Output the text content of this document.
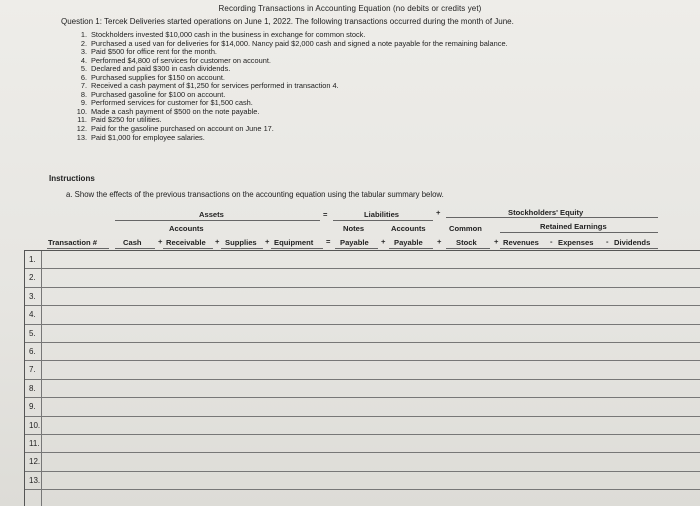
Recording Transactions in Accounting Equation (no debits or credits yet)
Question 1: Tercek Deliveries started operations on June 1, 2022. The following transactions occurred during the month of June.
1. Stockholders invested $10,000 cash in the business in exchange for common stock.
2. Purchased a used van for deliveries for $14,000. Nancy paid $2,000 cash and signed a note payable for the remaining balance.
3. Paid $500 for office rent for the month.
4. Performed $4,800 of services for customer on account.
5. Declared and paid $300 in cash dividends.
6. Purchased supplies for $150 on account.
7. Received a cash payment of $1,250 for services performed in transaction 4.
8. Purchased gasoline for $100 on account.
9. Performed services for customer for $1,500 cash.
10. Made a cash payment of $500 on the note payable.
11. Paid $250 for utilities.
12. Paid for the gasoline purchased on account on June 17.
13. Paid $1,000 for employee salaries.
Instructions
a. Show the effects of the previous transactions on the accounting equation using the tabular summary below.
Assets	=	Liabilities	+	Stockholders' Equity
Accounts	Notes	Accounts	Common	Retained Earnings
Transaction #	Cash + Receivable + Supplies + Equipment = Payable + Payable + Stock + Revenues - Expenses - Dividends
1.
2.
3.
4.
5.
6.
7.
8.
9.
10.
11.
12.
13.
